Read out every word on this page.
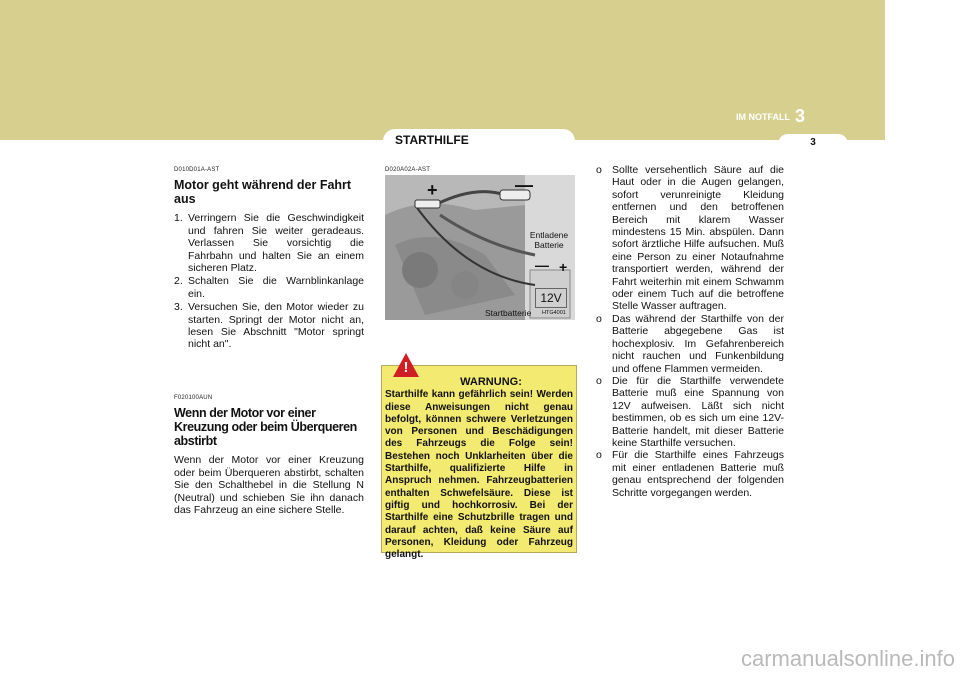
IM NOTFALL 3
3
STARTHILFE
D010D01A-AST
Motor geht während der Fahrt aus
1. Verringern Sie die Geschwindigkeit und fahren Sie weiter geradeaus. Verlassen Sie vorsichtig die Fahrbahn und halten Sie an einem sicheren Platz.
2. Schalten Sie die Warnblinkanlage ein.
3. Versuchen Sie, den Motor wieder zu starten. Springt der Motor nicht an, lesen Sie Abschnitt "Motor springt nicht an".
F020100AUN
Wenn der Motor vor einer Kreuzung oder beim Überqueren abstirbt
Wenn der Motor vor einer Kreuzung oder beim Überqueren abstirbt, schalten Sie den Schalthebel in die Stellung N (Neutral) und schieben Sie ihn danach das Fahrzeug an eine sichere Stelle.
D020A02A-AST
+	—
Entladene Batterie
— +
12V
Startbatterie HTG4001
WARNUNG:
Starthilfe kann gefährlich sein! Werden diese Anweisungen nicht genau befolgt, können schwere Verletzungen von Personen und Beschädigungen des Fahrzeugs die Folge sein! Bestehen noch Unklarheiten über die Starthilfe, qualifizierte Hilfe in Anspruch nehmen. Fahrzeugbatterien enthalten Schwefelsäure. Diese ist giftig und hochkorrosiv. Bei der Starthilfe eine Schutzbrille tragen und darauf achten, daß keine Säure auf Personen, Kleidung oder Fahrzeug gelangt.
!
o Sollte versehentlich Säure auf die Haut oder in die Augen gelangen, sofort verunreinigte Kleidung entfernen und den betroffenen Bereich mit klarem Wasser mindestens 15 Min. abspülen. Dann sofort ärztliche Hilfe aufsuchen. Muß eine Person zu einer Notaufnahme transportiert werden, während der Fahrt weiterhin mit einem Schwamm oder einem Tuch auf die betroffene Stelle Wasser auftragen.
o Das während der Starthilfe von der Batterie abgegebene Gas ist hochexplosiv. Im Gefahrenbereich nicht rauchen und Funkenbildung und offene Flammen vermeiden.
o Die für die Starthilfe verwendete Batterie muß eine Spannung von 12V aufweisen. Läßt sich nicht bestimmen, ob es sich um eine 12V-Batterie handelt, mit dieser Batterie keine Starthilfe versuchen.
o Für die Starthilfe eines Fahrzeugs mit einer entladenen Batterie muß genau entsprechend der folgenden Schritte vorgegangen werden.
carmanualsonline.info
